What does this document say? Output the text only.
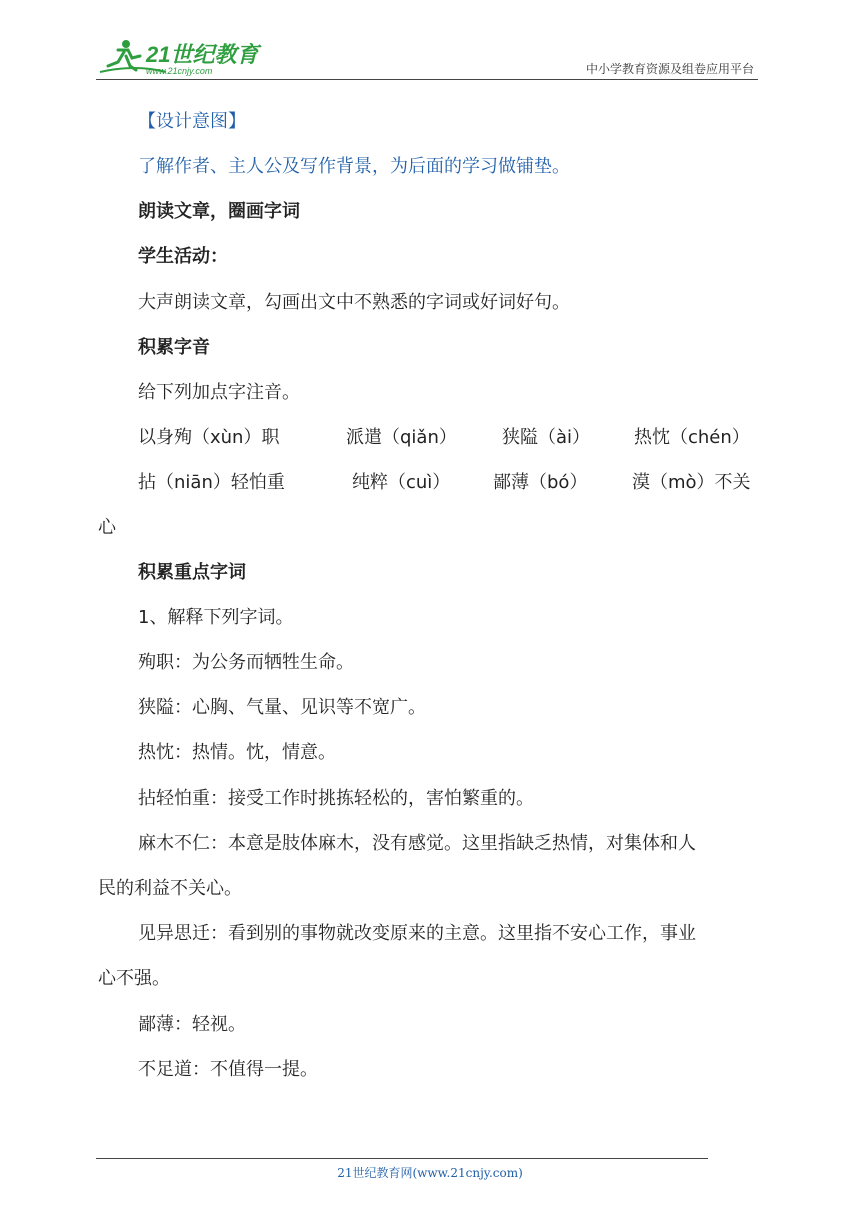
21世纪教育
www.21cnjy.com	中小学教育资源及组卷应用平台
【设计意图】
了解作者、主人公及写作背景，为后面的学习做铺垫。
朗读文章，圈画字词
学生活动：
大声朗读文章，勾画出文中不熟悉的字词或好词好句。
积累字音
给下列加点字注音。
以身殉（xùn）职	派遣（qiǎn）	狭隘（ài） 热忱（chén）
拈（niān）轻怕重	纯粹（cuì） 鄙薄（bó） 漠（mò）不关
心
积累重点字词
1、解释下列字词。
殉职：为公务而牺牲生命。
狭隘：心胸、气量、见识等不宽广。
热忱：热情。忱，情意。
拈轻怕重：接受工作时挑拣轻松的，害怕繁重的。
麻木不仁：本意是肢体麻木，没有感觉。这里指缺乏热情，对集体和人
民的利益不关心。
见异思迁：看到别的事物就改变原来的主意。这里指不安心工作，事业
心不强。
鄙薄：轻视。
不足道：不值得一提。
21世纪教育网(www.21cnjy.com)
